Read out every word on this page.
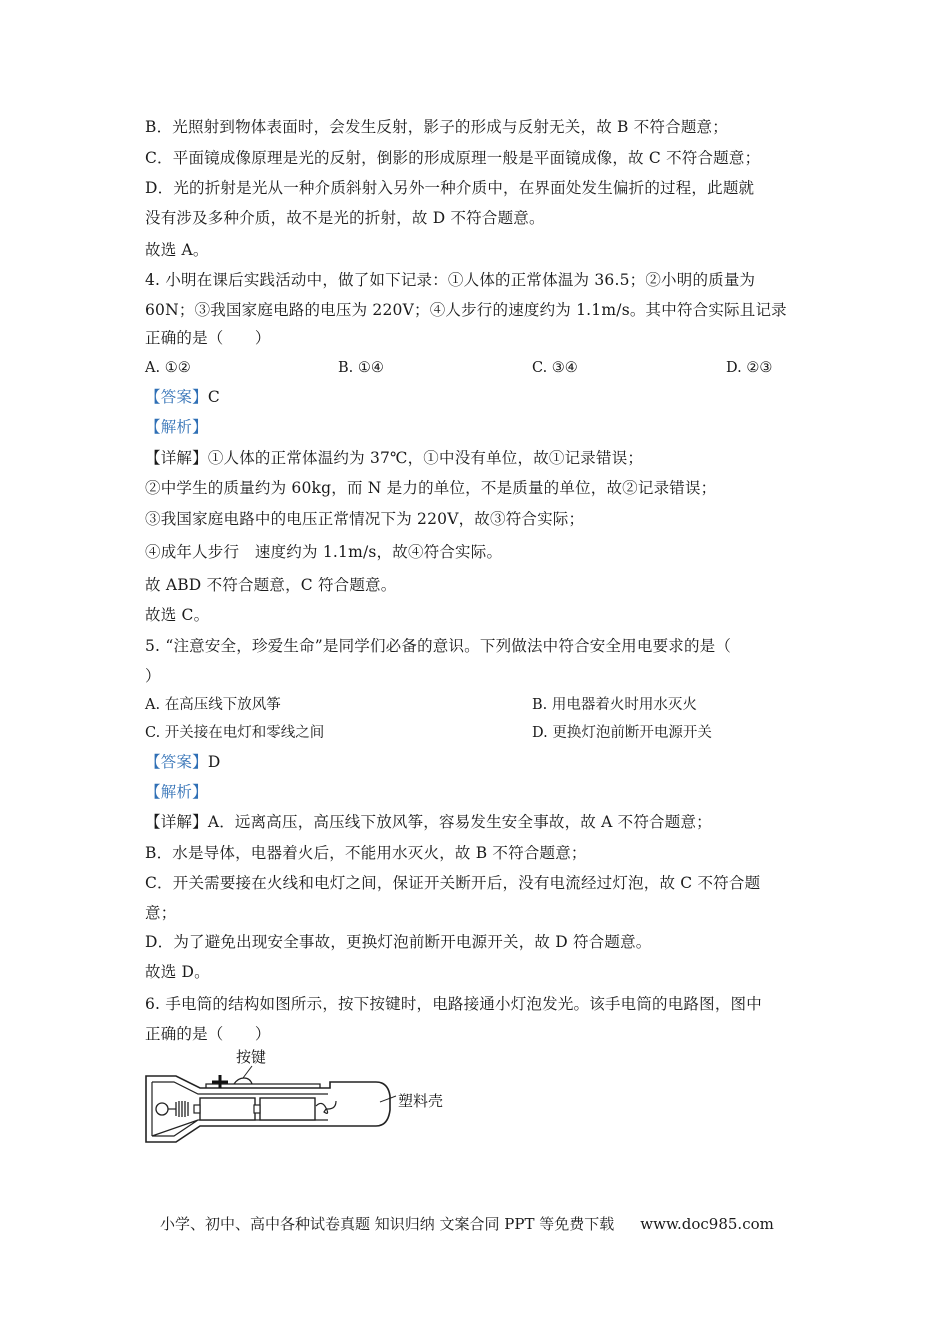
B．光照射到物体表面时，会发生反射，影子的形成与反射无关，故 B 不符合题意；
C．平面镜成像原理是光的反射，倒影的形成原理一般是平面镜成像，故 C 不符合题意；
D．光的折射是光从一种介质斜射入另外一种介质中，在界面处发生偏折的过程，此题就
没有涉及多种介质，故不是光的折射，故 D 不符合题意。
故选 A。
4. 小明在课后实践活动中，做了如下记录：①人体的正常体温为 36.5；②小明的质量为
60N；③我国家庭电路的电压为 220V；④人步行的速度约为 1.1m/s。其中符合实际且记录
正确的是（　　）
A. ①②	B. ①④	C. ③④	D. ②③
【答案】C
【解析】
【详解】①人体的正常体温约为 37℃，①中没有单位，故①记录错误；
②中学生的质量约为 60kg，而 N 是力的单位，不是质量的单位，故②记录错误；
③我国家庭电路中的电压正常情况下为 220V，故③符合实际；
④成年人步行　速度约为 1.1m/s，故④符合实际。
故 ABD 不符合题意，C 符合题意。
故选 C。
5. “注意安全，珍爱生命”是同学们必备的意识。下列做法中符合安全用电要求的是（
）
A. 在高压线下放风筝	B. 用电器着火时用水灭火
C. 开关接在电灯和零线之间	D. 更换灯泡前断开电源开关
【答案】D
【解析】
【详解】A．远离高压，高压线下放风筝，容易发生安全事故，故 A 不符合题意；
B．水是导体，电器着火后，不能用水灭火，故 B 不符合题意；
C．开关需要接在火线和电灯之间，保证开关断开后，没有电流经过灯泡，故 C 不符合题
意；
D．为了避免出现安全事故，更换灯泡前断开电源开关，故 D 符合题意。
故选 D。
6. 手电筒的结构如图所示，按下按键时，电路接通小灯泡发光。该手电筒的电路图，图中
正确的是（　　）
按键
塑料壳
小学、初中、高中各种试卷真题 知识归纳 文案合同 PPT 等免费下载 www.doc985.com
